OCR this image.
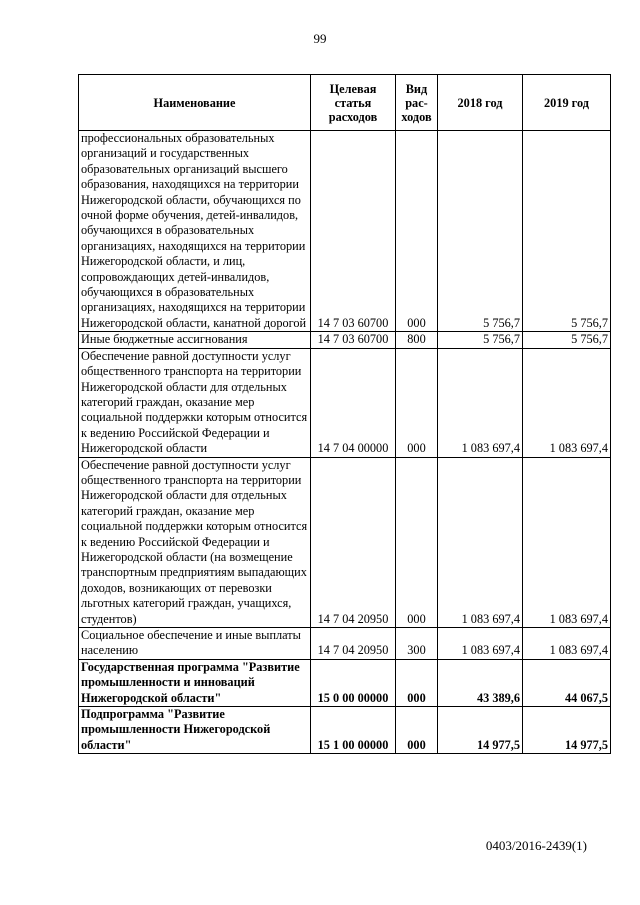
99
Наименование	Целевая статья расходов	Вид рас-ходов	2018 год	2019 год
профессиональных образовательных организаций и государственных образовательных организаций высшего образования, находящихся на территории Нижегородской области, обучающихся по очной форме обучения, детей-инвалидов, обучающихся в образовательных организациях, находящихся на территории Нижегородской области, и лиц, сопровождающих детей-инвалидов, обучающихся в образовательных организациях, находящихся на территории Нижегородской области, канатной дорогой	14 7 03 60700	000	5 756,7	5 756,7
Иные бюджетные ассигнования	14 7 03 60700	800	5 756,7	5 756,7
Обеспечение равной доступности услуг общественного транспорта на территории Нижегородской области для отдельных категорий граждан, оказание мер социальной поддержки которым относится к ведению Российской Федерации и Нижегородской области	14 7 04 00000	000	1 083 697,4	1 083 697,4
Обеспечение равной доступности услуг общественного транспорта на территории Нижегородской области для отдельных категорий граждан, оказание мер социальной поддержки которым относится к ведению Российской Федерации и Нижегородской области (на возмещение транспортным предприятиям выпадающих доходов, возникающих от перевозки льготных категорий граждан, учащихся, студентов)	14 7 04 20950	000	1 083 697,4	1 083 697,4
Социальное обеспечение и иные выплаты населению	14 7 04 20950	300	1 083 697,4	1 083 697,4
Государственная программа "Развитие промышленности и инноваций Нижегородской области"	15 0 00 00000	000	43 389,6	44 067,5
Подпрограмма "Развитие промышленности Нижегородской области"	15 1 00 00000	000	14 977,5	14 977,5
0403/2016-2439(1)
